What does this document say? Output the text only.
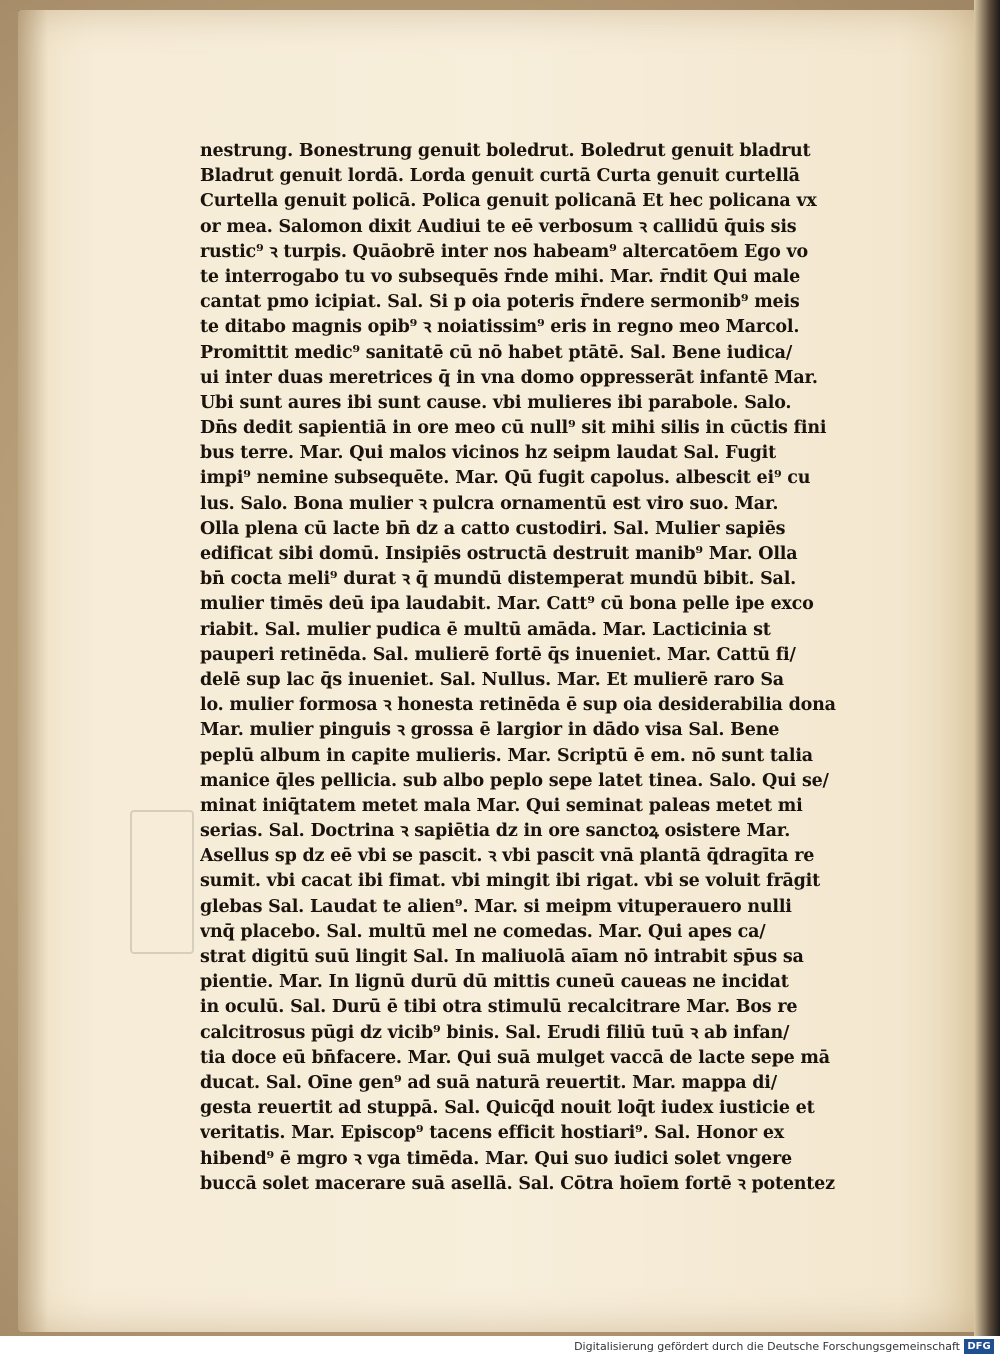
nestrung. Bonestrung genuit boledrut. Boledrut genuit bladrut
Bladrut genuit lordā. Lorda genuit curtā Curta genuit curtellā
Curtella genuit policā. Polica genuit policanā Et hec policana vx
or mea. Salomon dixit Audiui te eē verbosum ꝛ callidū q̄uis sis
rustic⁹ ꝛ turpis. Quāobrē inter nos habeam⁹ altercatōem Ego vo
te interrogabo tu vo subsequēs r̄nde mihi. Mar. r̄ndit Qui male
cantat pmo icipiat. Sal. Si p oia poteris r̄ndere sermonib⁹ meis
te ditabo magnis opib⁹ ꝛ noiatissim⁹ eris in regno meo Marcol.
Promittit medic⁹ sanitatē cū nō habet ptātē. Sal. Bene iudica/
ui inter duas meretrices q̄ in vna domo oppresserāt infantē Mar.
Ubi sunt aures ibi sunt cause. vbi mulieres ibi parabole. Salo.
Dn̄s dedit sapientiā in ore meo cū null⁹ sit mihi silis in cūctis fini
bus terre. Mar. Qui malos vicinos hz seipm laudat Sal. Fugit
impi⁹ nemine subsequēte. Mar. Qū fugit capolus. albescit ei⁹ cu
lus. Salo. Bona mulier ꝛ pulcra ornamentū est viro suo. Mar.
Olla plena cū lacte bn̄ dz a catto custodiri. Sal. Mulier sapiēs
edificat sibi domū. Insipiēs ostructā destruit manib⁹ Mar. Olla
bn̄ cocta meli⁹ durat ꝛ q̄ mundū distemperat mundū bibit. Sal.
mulier timēs deū ipa laudabit. Mar. Catt⁹ cū bona pelle ipe exco
riabit. Sal. mulier pudica ē multū amāda. Mar. Lacticinia st
pauperi retinēda. Sal. mulierē fortē q̄s inueniet. Mar. Cattū fi/
delē sup lac q̄s inueniet. Sal. Nullus. Mar. Et mulierē raro Sa
lo. mulier formosa ꝛ honesta retinēda ē sup oia desiderabilia dona
Mar. mulier pinguis ꝛ grossa ē largior in dādo visa Sal. Bene
peplū album in capite mulieris. Mar. Scriptū ē em. nō sunt talia
manice q̄les pellicia. sub albo peplo sepe latet tinea. Salo. Qui se/
minat iniq̄tatem metet mala Mar. Qui seminat paleas metet mi
serias. Sal. Doctrina ꝛ sapiētia dz in ore sanctoꝝ osistere Mar.
Asellus sp dz eē vbi se pascit. ꝛ vbi pascit vnā plantā q̄dragīta re
sumit. vbi cacat ibi fimat. vbi mingit ibi rigat. vbi se voluit frāgit
glebas Sal. Laudat te alien⁹. Mar. si meipm vituperauero nulli
vnq̄ placebo. Sal. multū mel ne comedas. Mar. Qui apes ca/
strat digitū suū lingit Sal. In maliuolā aīam nō intrabit sp̄us sa
pientie. Mar. In lignū durū dū mittis cuneū caueas ne incidat
in oculū. Sal. Durū ē tibi otra stimulū recalcitrare Mar. Bos re
calcitrosus pūgi dz vicib⁹ binis. Sal. Erudi filiū tuū ꝛ ab infan/
tia doce eū bn̄facere. Mar. Qui suā mulget vaccā de lacte sepe mā
ducat. Sal. Oīne gen⁹ ad suā naturā reuertit. Mar. mappa di/
gesta reuertit ad stuppā. Sal. Quicq̄d nouit loq̄t iudex iusticie et
veritatis. Mar. Episcop⁹ tacens efficit hostiari⁹. Sal. Honor ex
hibend⁹ ē mgro ꝛ vga timēda. Mar. Qui suo iudici solet vngere
buccā solet macerare suā asellā. Sal. Cōtra hoīem fortē ꝛ potentez
Digitalisierung gefördert durch die Deutsche Forschungsgemeinschaft DFG
